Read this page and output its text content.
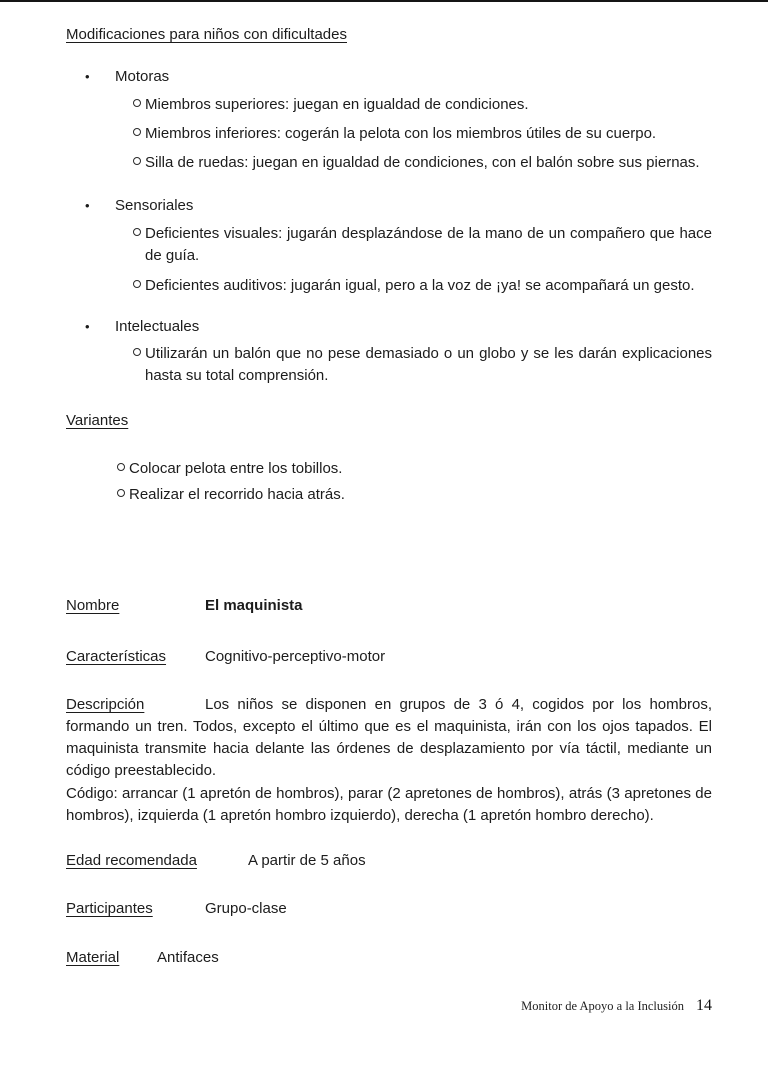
Modificaciones para niños con dificultades
• Motoras
Miembros superiores: juegan en igualdad de condiciones.
Miembros inferiores: cogerán la pelota con los miembros útiles de su cuerpo.
Silla de ruedas: juegan en igualdad de condiciones, con el balón sobre sus piernas.
• Sensoriales
Deficientes visuales: jugarán desplazándose de la mano de un compañero que hace de guía.
Deficientes auditivos: jugarán igual, pero a la voz de ¡ya! se acompañará un gesto.
• Intelectuales
Utilizarán un balón que no pese demasiado o un globo y se les darán explicaciones hasta su total comprensión.
Variantes
Colocar pelota entre los tobillos.
Realizar el recorrido hacia atrás.
Nombre	El maquinista
Características	Cognitivo-perceptivo-motor

Descripción	Los niños se disponen en grupos de 3 ó 4, cogidos por los hombros, formando un tren. Todos, excepto el último que es el maquinista, irán con los ojos tapados. El maquinista transmite hacia delante las órdenes de desplazamiento por vía táctil, mediante un código preestablecido.

Código: arrancar (1 apretón de hombros), parar (2 apretones de hombros), atrás (3 apretones de hombros), izquierda (1 apretón hombro izquierdo), derecha (1 apretón hombro derecho).

Edad recomendada	A partir de 5 años
Participantes	Grupo-clase
Material	Antifaces
Monitor de Apoyo a la Inclusión 14
